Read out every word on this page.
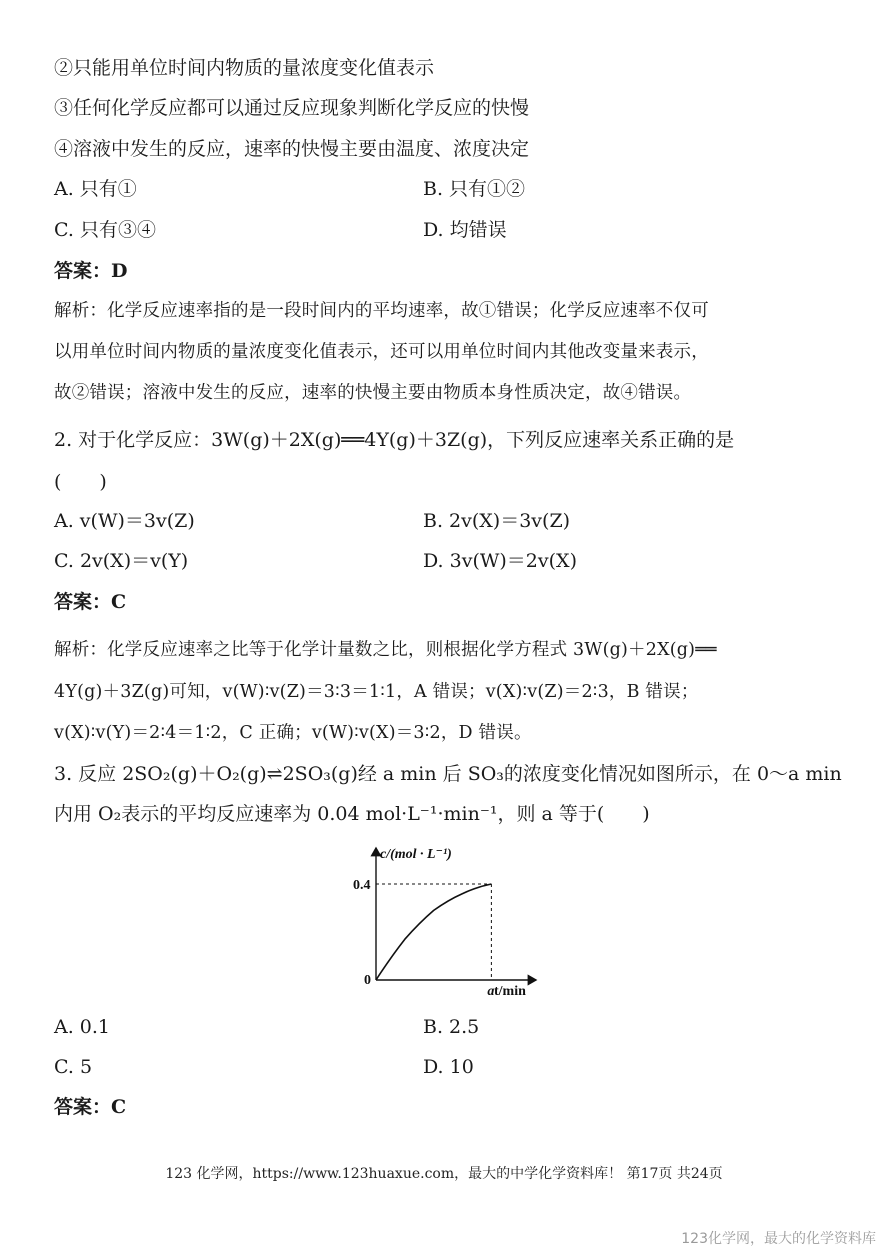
②只能用单位时间内物质的量浓度变化值表示
③任何化学反应都可以通过反应现象判断化学反应的快慢
④溶液中发生的反应，速率的快慢主要由温度、浓度决定
A. 只有①	B. 只有①②
C. 只有③④	D. 均错误
答案：D
解析：化学反应速率指的是一段时间内的平均速率，故①错误；化学反应速率不仅可
以用单位时间内物质的量浓度变化值表示，还可以用单位时间内其他改变量来表示，
故②错误；溶液中发生的反应，速率的快慢主要由物质本身性质决定，故④错误。
2. 对于化学反应：3W(g)＋2X(g)══4Y(g)＋3Z(g)，下列反应速率关系正确的是
(　　)
A. v(W)＝3v(Z)	B. 2v(X)＝3v(Z)
C. 2v(X)＝v(Y)	D. 3v(W)＝2v(X)
答案：C
解析：化学反应速率之比等于化学计量数之比，则根据化学方程式 3W(g)＋2X(g)══
4Y(g)＋3Z(g)可知，v(W)∶v(Z)＝3∶3＝1∶1，A 错误；v(X)∶v(Z)＝2∶3，B 错误；
v(X)∶v(Y)＝2∶4＝1∶2，C 正确；v(W)∶v(X)＝3∶2，D 错误。
3. 反应 2SO₂(g)＋O₂(g)⇌2SO₃(g)经 a min 后 SO₃的浓度变化情况如图所示，在 0～a min
内用 O₂表示的平均反应速率为 0.04 mol·L⁻¹·min⁻¹，则 a 等于(　　)
c/(mol · L⁻¹)
t/min
0.4
0
a
A. 0.1	B. 2.5
C. 5	D. 10
答案：C
123 化学网，https://www.123huaxue.com，最大的中学化学资料库！ 第17页 共24页
123化学网，最大的化学资料库
